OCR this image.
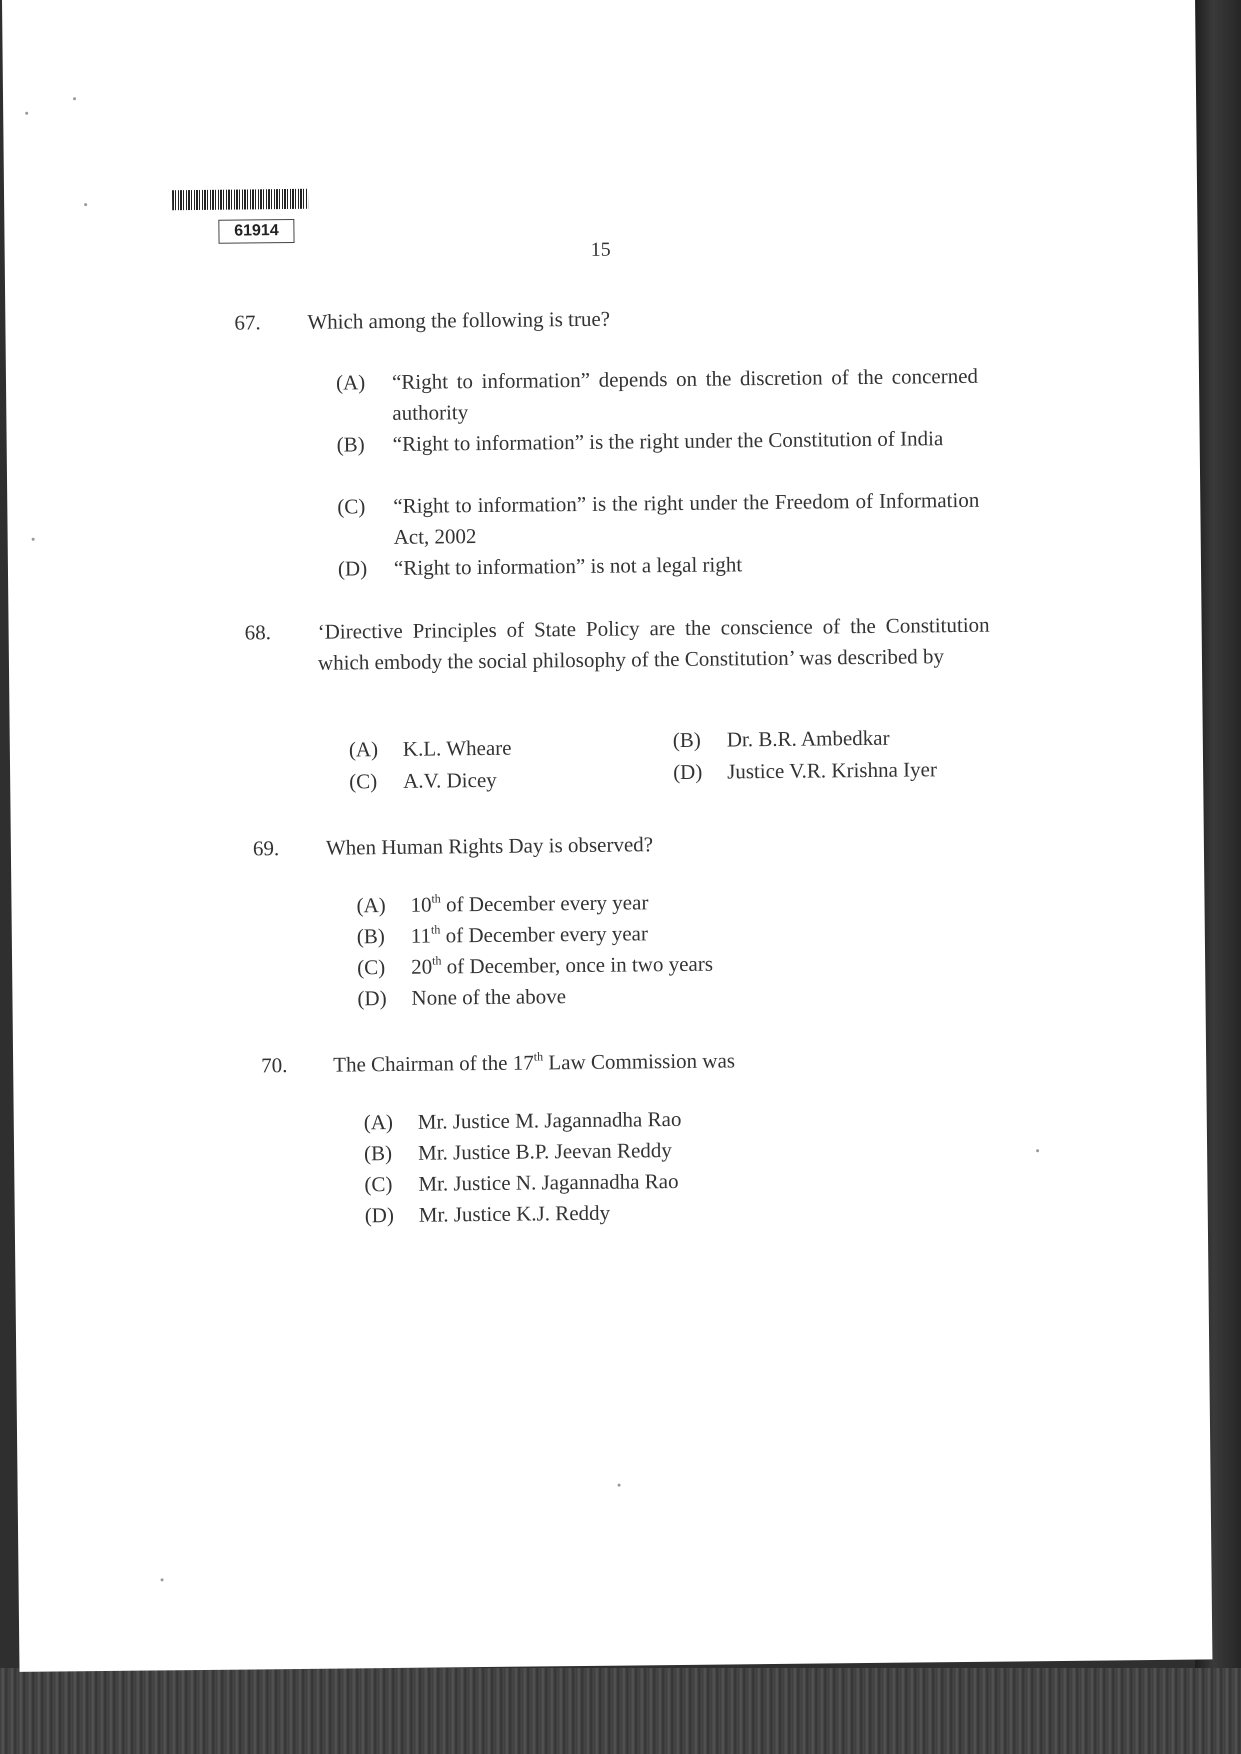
61914
15
67. Which among the following is true?
(A) “Right to information” depends on the discretion of the concerned authority
(B) “Right to information” is the right under the Constitution of India
(C) “Right to information” is the right under the Freedom of Information Act, 2002
(D) “Right to information” is not a legal right
68. ‘Directive Principles of State Policy are the conscience of the Constitution which embody the social philosophy of the Constitution’ was described by
(A) K.L. Wheare	(B) Dr. B.R. Ambedkar
(C) A.V. Dicey	(D) Justice V.R. Krishna Iyer
69. When Human Rights Day is observed?
(A) 10th of December every year
(B) 11th of December every year
(C) 20th of December, once in two years
(D) None of the above
70. The Chairman of the 17th Law Commission was
(A) Mr. Justice M. Jagannadha Rao
(B) Mr. Justice B.P. Jeevan Reddy
(C) Mr. Justice N. Jagannadha Rao
(D) Mr. Justice K.J. Reddy
